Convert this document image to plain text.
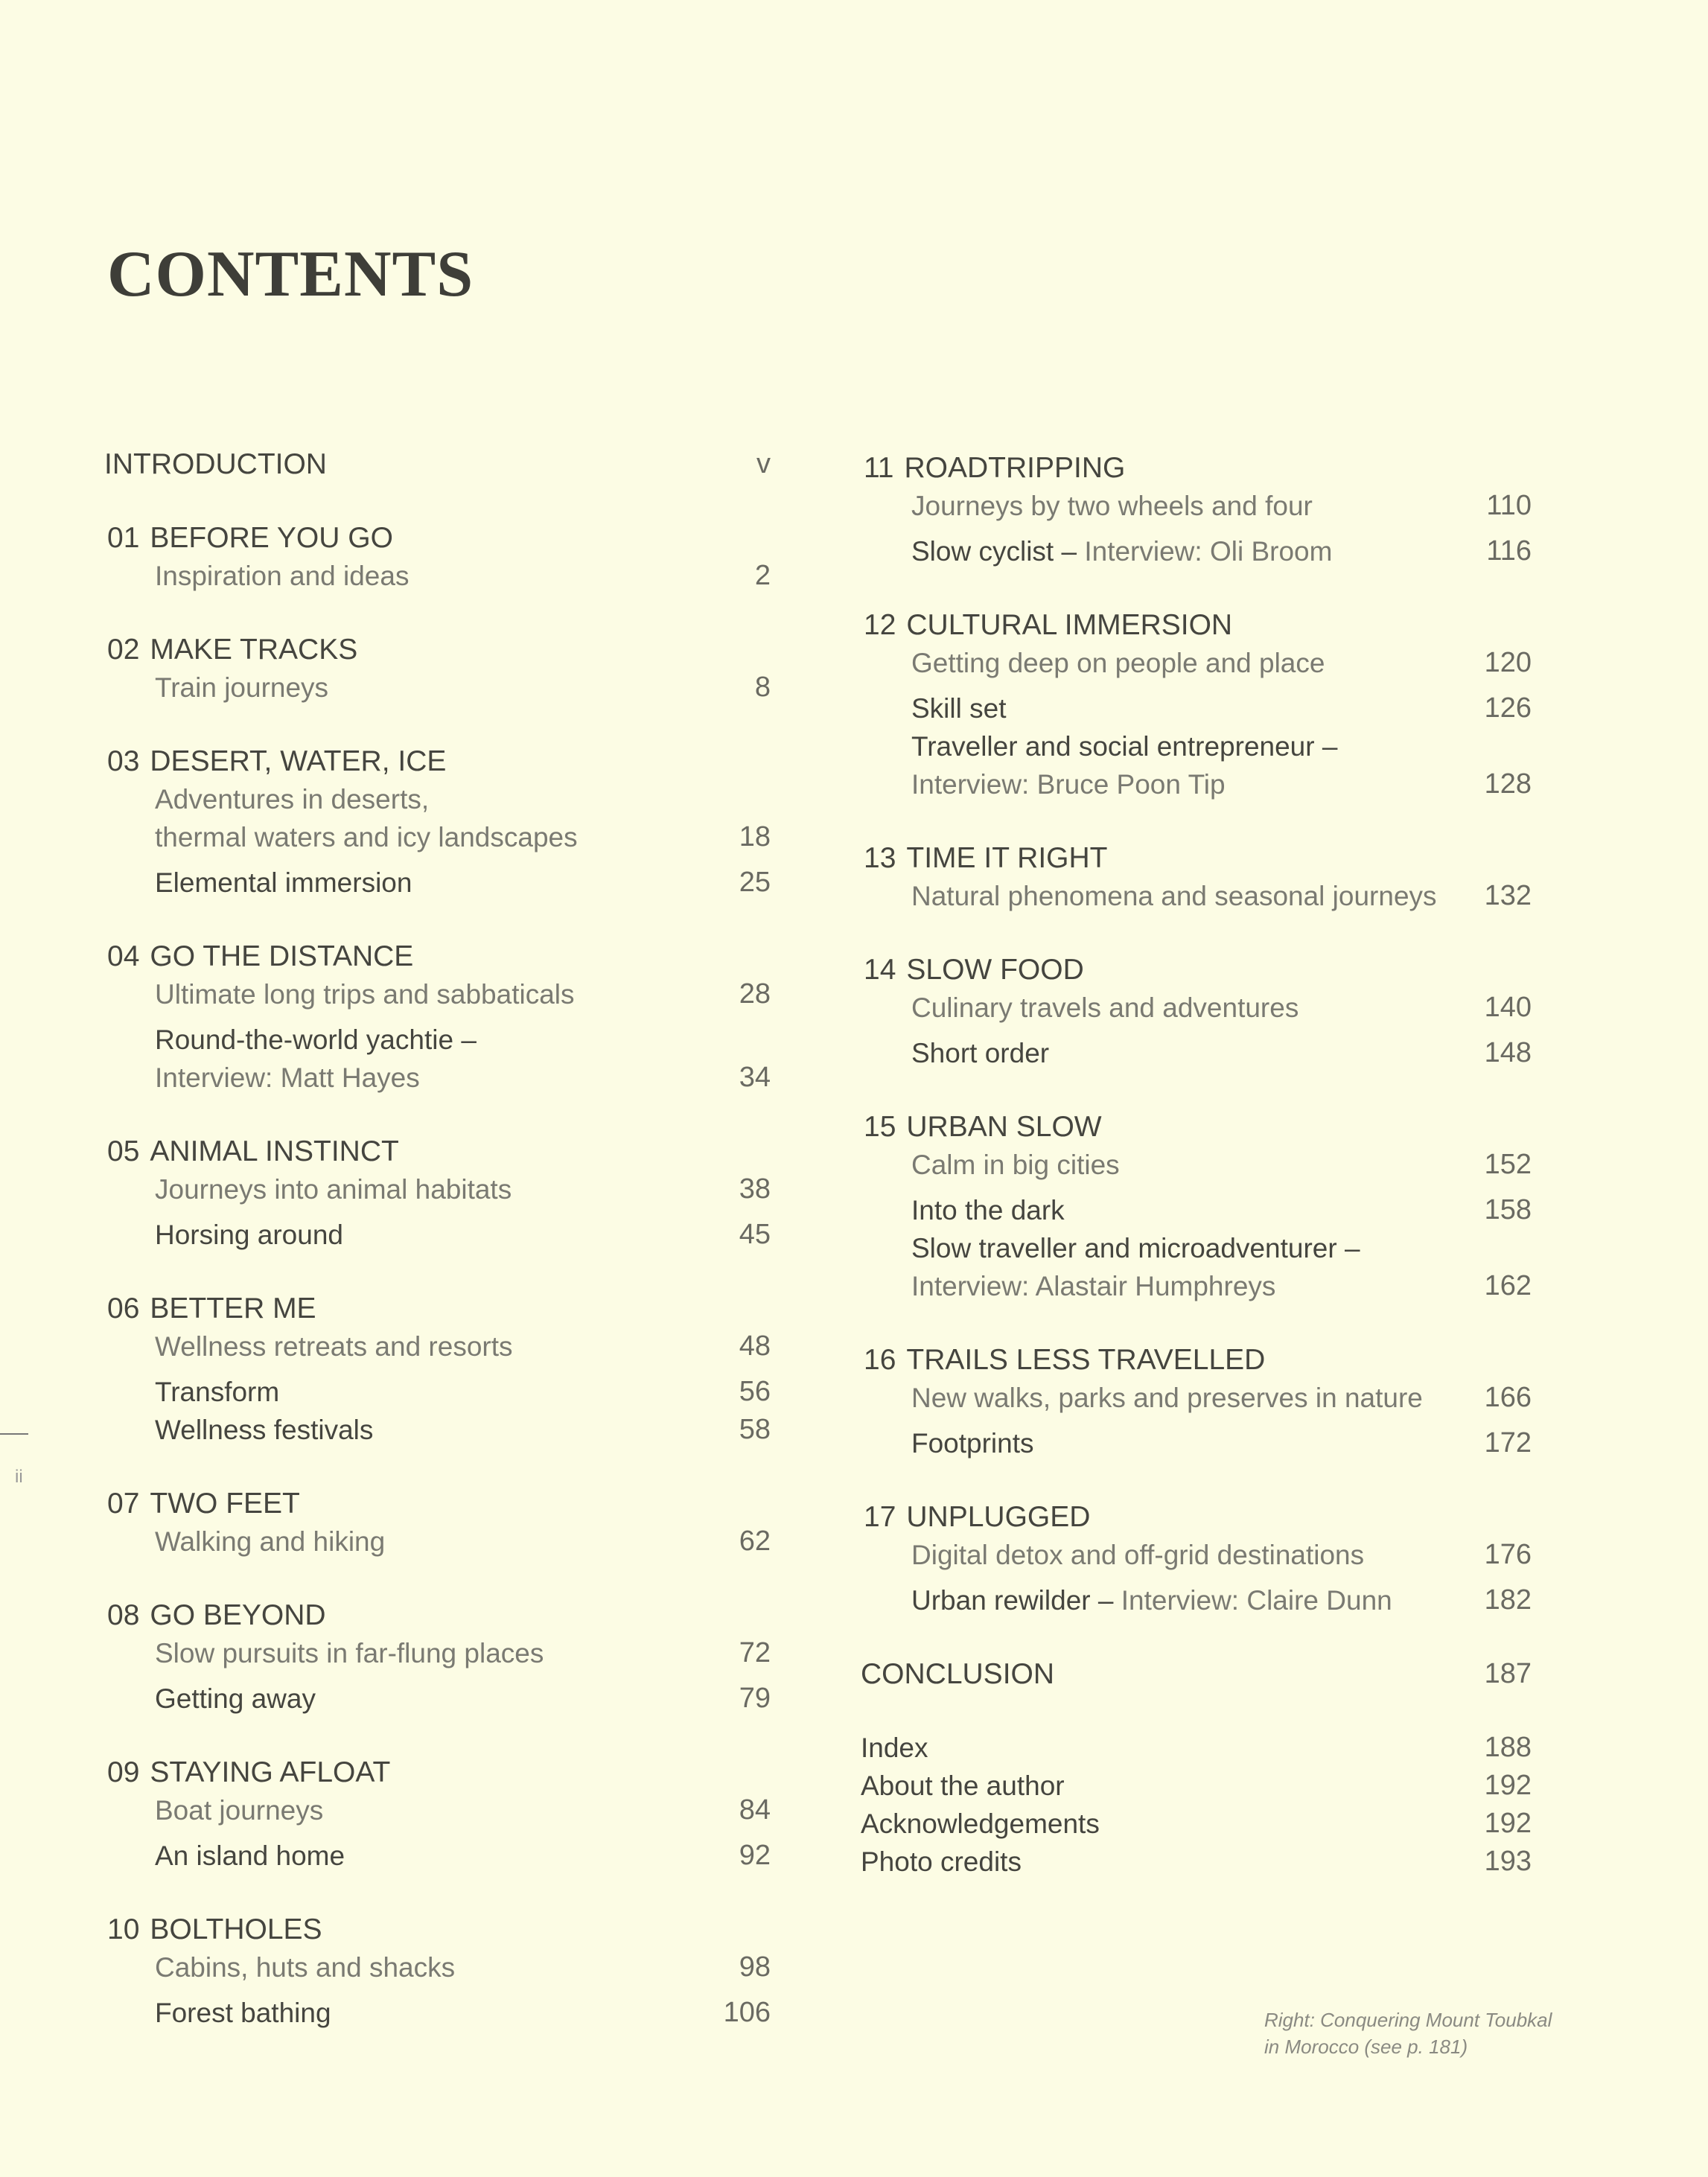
CONTENTS
INTRODUCTION	v
01 BEFORE YOU GO
Inspiration and ideas	2
02 MAKE TRACKS
Train journeys	8
03 DESERT, WATER, ICE
Adventures in deserts,
thermal waters and icy landscapes	18
Elemental immersion	25
04 GO THE DISTANCE
Ultimate long trips and sabbaticals	28
Round-the-world yachtie –
Interview: Matt Hayes	34
05 ANIMAL INSTINCT
Journeys into animal habitats	38
Horsing around	45
06 BETTER ME
Wellness retreats and resorts	48
Transform	56
Wellness festivals	58
07 TWO FEET
Walking and hiking	62
08 GO BEYOND
Slow pursuits in far-flung places	72
Getting away	79
09 STAYING AFLOAT
Boat journeys	84
An island home	92
10 BOLTHOLES
Cabins, huts and shacks	98
Forest bathing	106
11 ROADTRIPPING
Journeys by two wheels and four	110
Slow cyclist – Interview: Oli Broom	116
12 CULTURAL IMMERSION
Getting deep on people and place	120
Skill set	126
Traveller and social entrepreneur –
Interview: Bruce Poon Tip	128
13 TIME IT RIGHT
Natural phenomena and seasonal journeys 132
14 SLOW FOOD
Culinary travels and adventures	140
Short order	148
15 URBAN SLOW
Calm in big cities	152
Into the dark	158
Slow traveller and microadventurer –
Interview: Alastair Humphreys	162
16 TRAILS LESS TRAVELLED
New walks, parks and preserves in nature 166
Footprints	172
17 UNPLUGGED
Digital detox and off-grid destinations	176
Urban rewilder – Interview: Claire Dunn	182
CONCLUSION	187
Index	188
About the author	192
Acknowledgements	192
Photo credits	193
Right: Conquering Mount Toubkal
in Morocco (see p. 181)
ii
